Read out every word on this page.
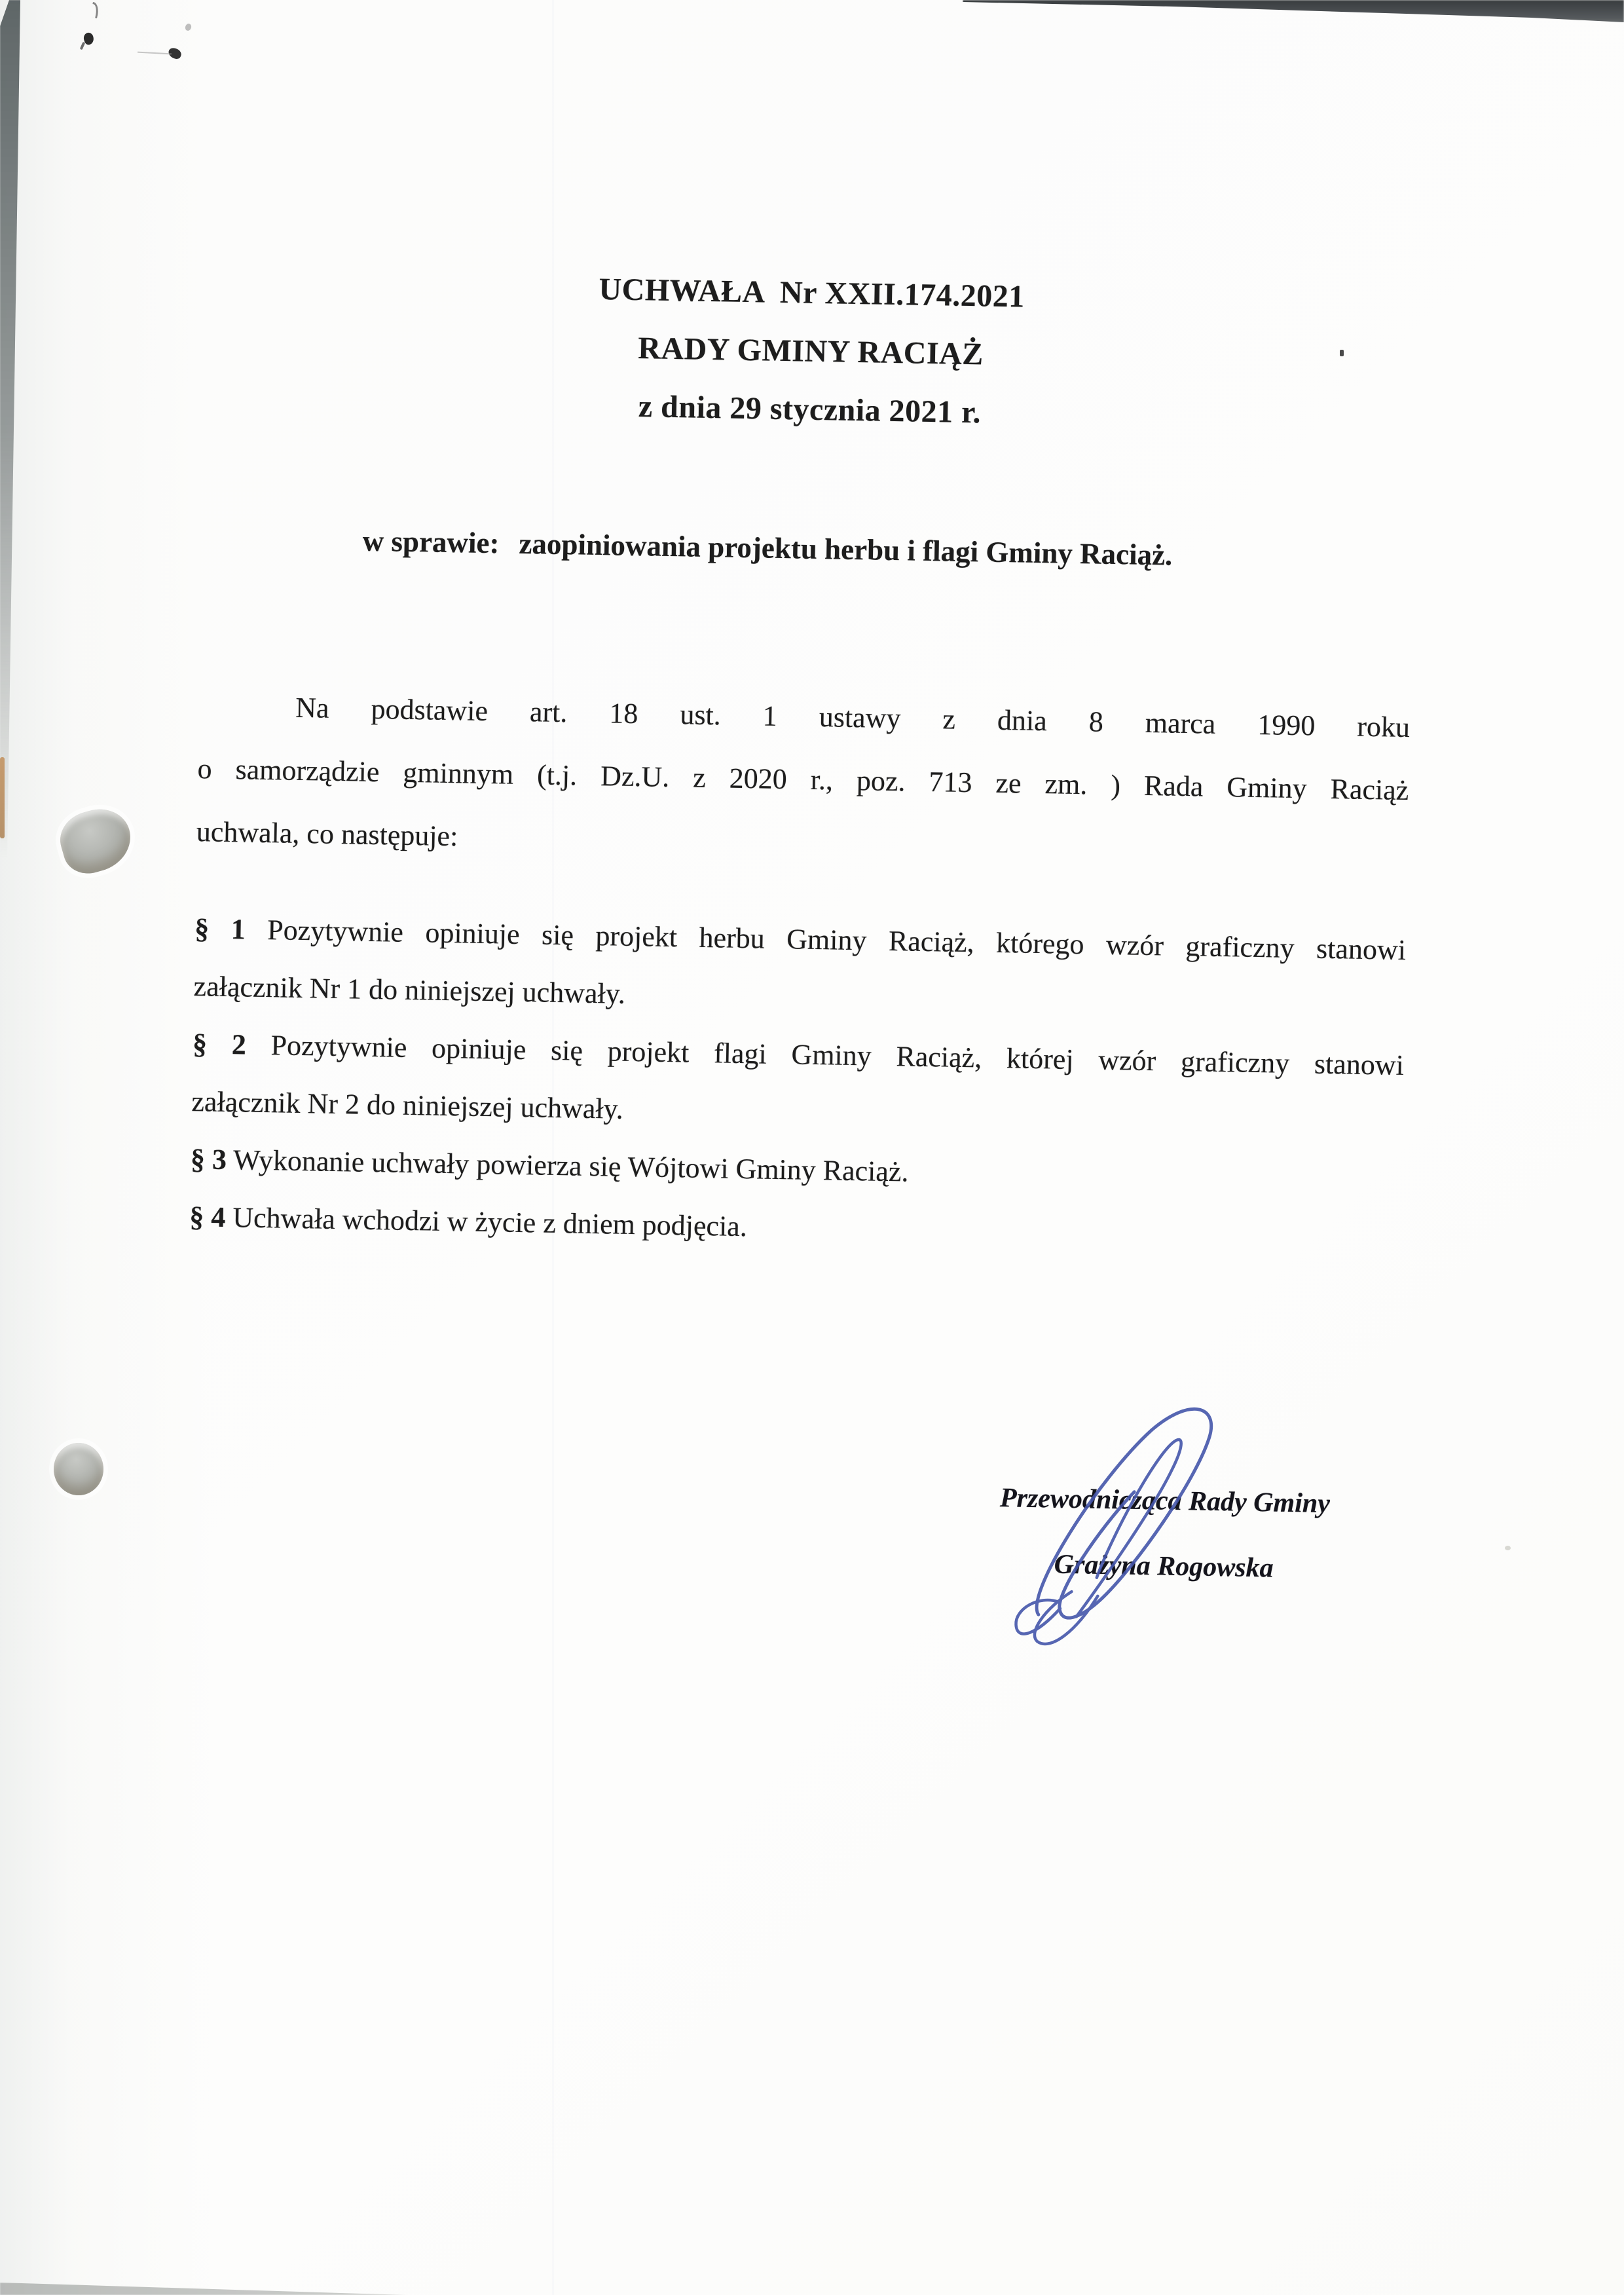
UCHWAŁA  Nr XXII.174.2021
RADY GMINY RACIĄŻ
z dnia 29 stycznia 2021 r.
w sprawie: zaopiniowania projektu herbu i flagi Gminy Raciąż.
Na podstawie art. 18 ust. 1 ustawy z dnia 8 marca 1990 roku
o samorządzie gminnym (t.j. Dz.U. z 2020 r., poz. 713 ze zm. ) Rada Gminy Raciąż
uchwala, co następuje:
§ 1 Pozytywnie opiniuje się projekt herbu Gminy Raciąż, którego wzór graficzny stanowi
załącznik Nr 1 do niniejszej uchwały.
§ 2 Pozytywnie opiniuje się projekt flagi Gminy Raciąż, której wzór graficzny stanowi
załącznik Nr 2 do niniejszej uchwały.
§ 3 Wykonanie uchwały powierza się Wójtowi Gminy Raciąż.
§ 4 Uchwała wchodzi w życie z dniem podjęcia.
Przewodnicząca Rady Gminy
Grażyna Rogowska
